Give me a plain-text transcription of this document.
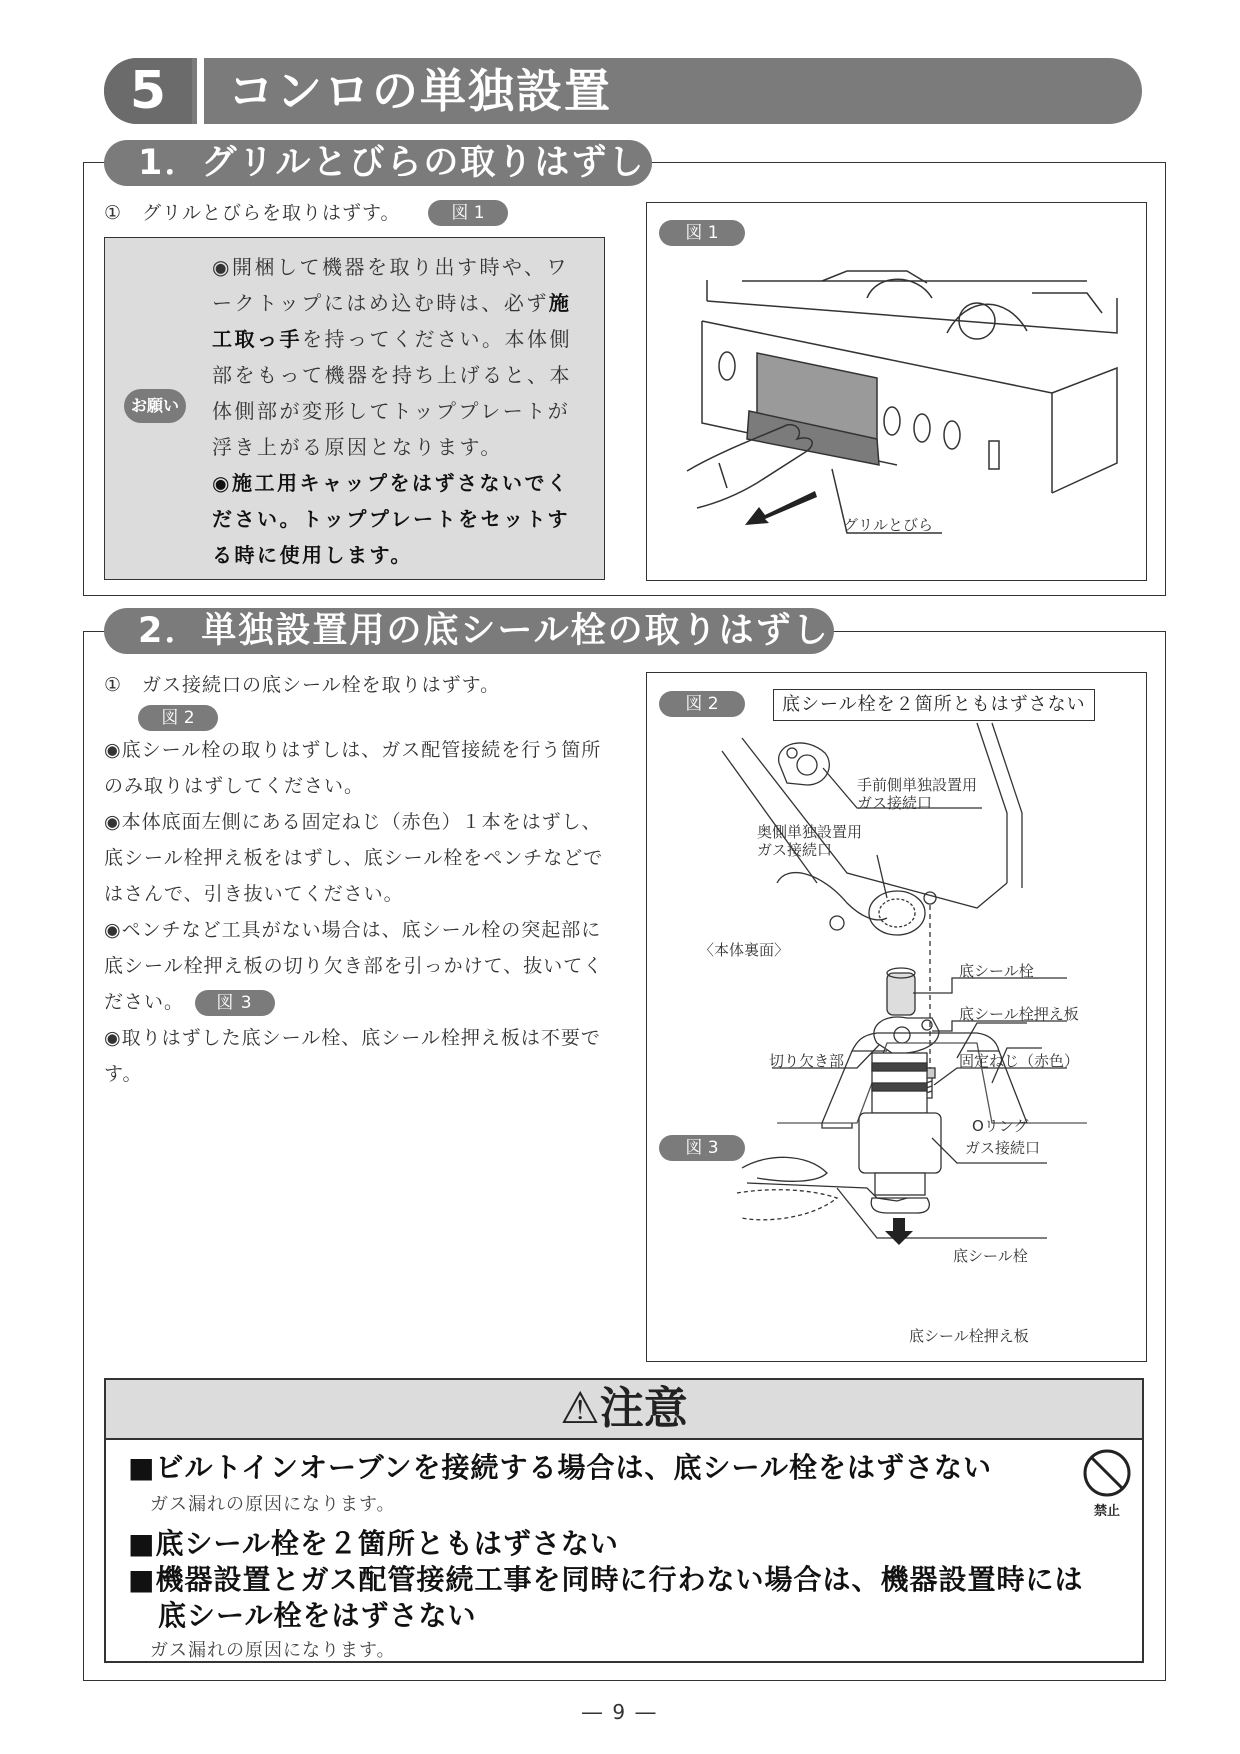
5	コンロの単独設置
1．グリルとびらの取りはずし
①　グリルとびらを取りはずす。	図 1
お願い

◉開梱して機器を取り出す時や、ワークトップにはめ込む時は、必ず施工取っ手を持ってください。本体側部をもって機器を持ち上げると、本体側部が変形してトッププレートが浮き上がる原因となります。

◉施工用キャップをはずさないでください。トッププレートをセットする時に使用します。

図 1
グリルとびら
2．単独設置用の底シール栓の取りはずし
①　ガス接続口の底シール栓を取りはずす。
図 2

◉底シール栓の取りはずしは、ガス配管接続を行う箇所のみ取りはずしてください。

◉本体底面左側にある固定ねじ（赤色）１本をはずし、底シール栓押え板をはずし、底シール栓をペンチなどではさんで、引き抜いてください。

◉ペンチなど工具がない場合は、底シール栓の突起部に底シール栓押え板の切り欠き部を引っかけて、抜いてください。　 図 3

◉取りはずした底シール栓、底シール栓押え板は不要です。

図 2	底シール栓を２箇所ともはずさない
手前側単独設置用
ガス接続口
奥側単独設置用
ガス接続口
〈本体裏面〉
底シール栓
底シール栓押え板
切り欠き部	固定ねじ（赤色）
図 3
Oリング
ガス接続口
底シール栓
底シール栓押え板
⚠注意
■ビルトインオーブンを接続する場合は、底シール栓をはずさない
ガス漏れの原因になります。
■底シール栓を２箇所ともはずさない
■機器設置とガス配管接続工事を同時に行わない場合は、機器設置時には
底シール栓をはずさない
ガス漏れの原因になります。
禁止
― 9 ―
